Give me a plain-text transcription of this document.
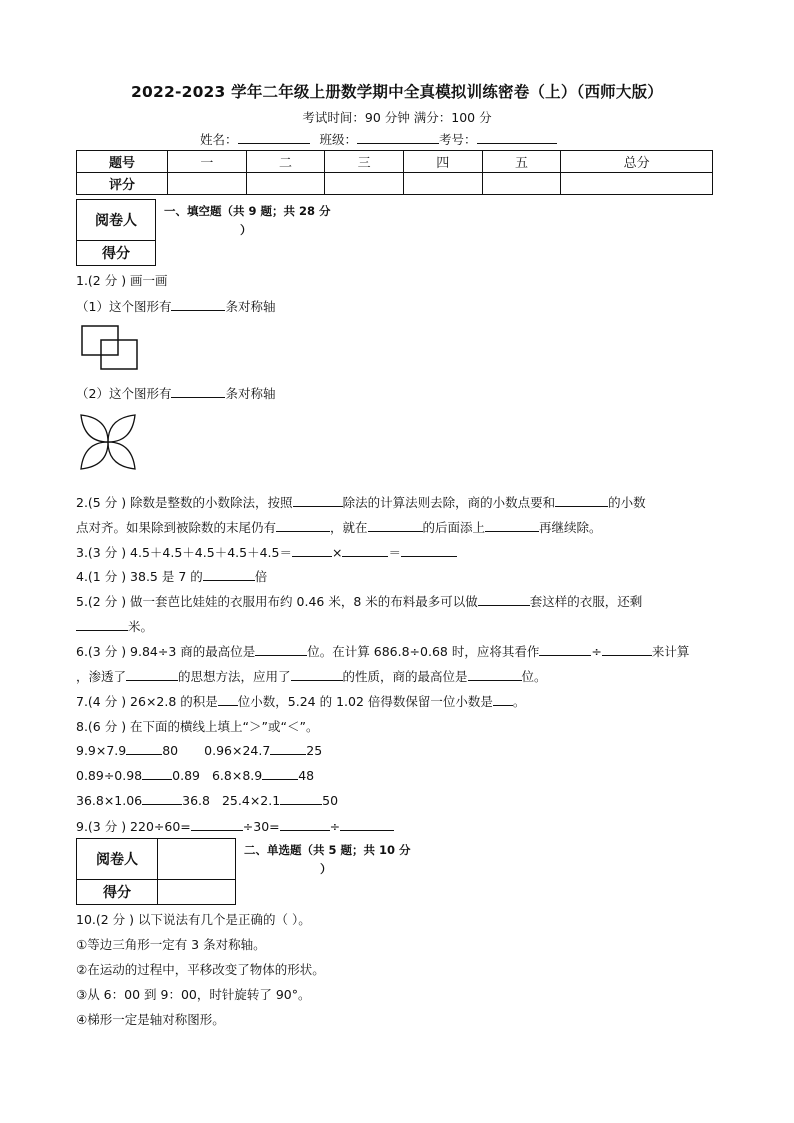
2022-2023 学年二年级上册数学期中全真模拟训练密卷（上）（西师大版）
考试时间：90 分钟 满分：100 分
姓名：	班级：	考号：
题号	一	二	三	四	五	总分
评分						
阅卷人
得分
一、填空题（共 9 题；共 28 分
）
1.(2 分 ) 画一画
（1）这个图形有	条对称轴
（2）这个图形有	条对称轴
2.(5 分 ) 除数是整数的小数除法，按照	除法的计算法则去除，商的小数点要和	的小数
点对齐。如果除到被除数的末尾仍有	，就在	的后面添上	再继续除。
3.(3 分 ) 4.5＋4.5＋4.5＋4.5＋4.5＝	×	＝
4.(1 分 ) 38.5 是 7 的	倍
5.(2 分 ) 做一套芭比娃娃的衣服用布约 0.46 米，8 米的布料最多可以做	套这样的衣服，还剩
米。
6.(3 分 ) 9.84÷3 商的最高位是	位。在计算 686.8÷0.68 时，应将其看作	÷	来计算
，渗透了	的思想方法，应用了	的性质，商的最高位是	位。
7.(4 分 ) 26×2.8 的积是 位小数，5.24 的 1.02 倍得数保留一位小数是 。
8.(6 分 ) 在下面的横线上填上“＞”或“＜”。
9.9×7.9	80 0.96×24.7	25
0.89÷0.98 0.89 6.8×8.9	48
36.8×1.06	36.8 25.4×2.1	50
9.(3 分 ) 220÷60=	÷30=	÷
阅卷人	
得分	
二、单选题（共 5 题；共 10 分
）
10.(2 分 ) 以下说法有几个是正确的（ ）。
①等边三角形一定有 3 条对称轴。
②在运动的过程中，平移改变了物体的形状。
③从 6：00 到 9：00，时针旋转了 90°。
④梯形一定是轴对称图形。
